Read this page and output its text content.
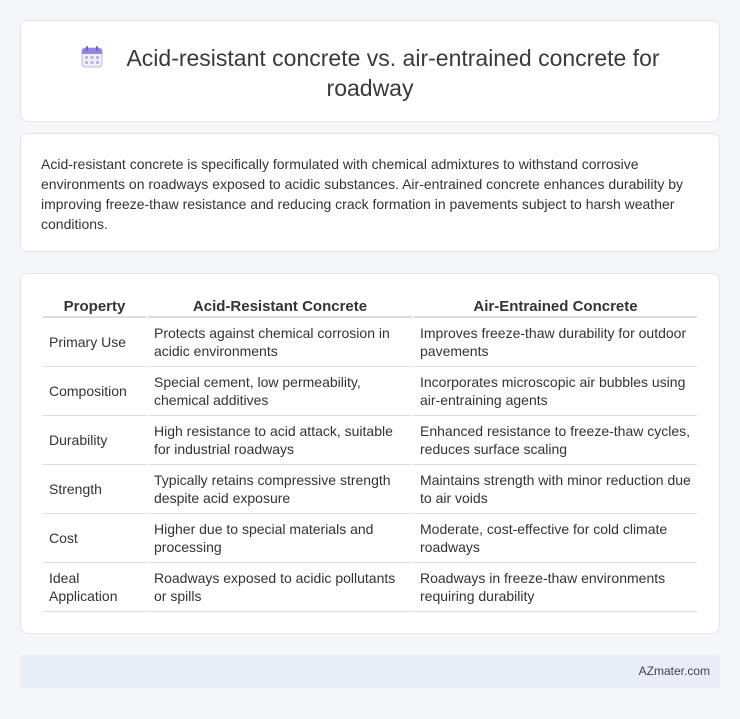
Acid-resistant concrete vs. air-entrained concrete for roadway

Acid-resistant concrete is specifically formulated with chemical admixtures to withstand corrosive environments on roadways exposed to acidic substances. Air-entrained concrete enhances durability by improving freeze-thaw resistance and reducing crack formation in pavements subject to harsh weather conditions.

Property	Acid-Resistant Concrete	Air-Entrained Concrete
Primary Use	Protects against chemical corrosion in acidic environments	Improves freeze-thaw durability for outdoor pavements
Composition	Special cement, low permeability, chemical additives	Incorporates microscopic air bubbles using air-entraining agents
Durability	High resistance to acid attack, suitable for industrial roadways	Enhanced resistance to freeze-thaw cycles, reduces surface scaling
Strength	Typically retains compressive strength despite acid exposure	Maintains strength with minor reduction due to air voids
Cost	Higher due to special materials and processing	Moderate, cost-effective for cold climate roadways
Ideal Application	Roadways exposed to acidic pollutants or spills	Roadways in freeze-thaw environments requiring durability
AZmater.com
